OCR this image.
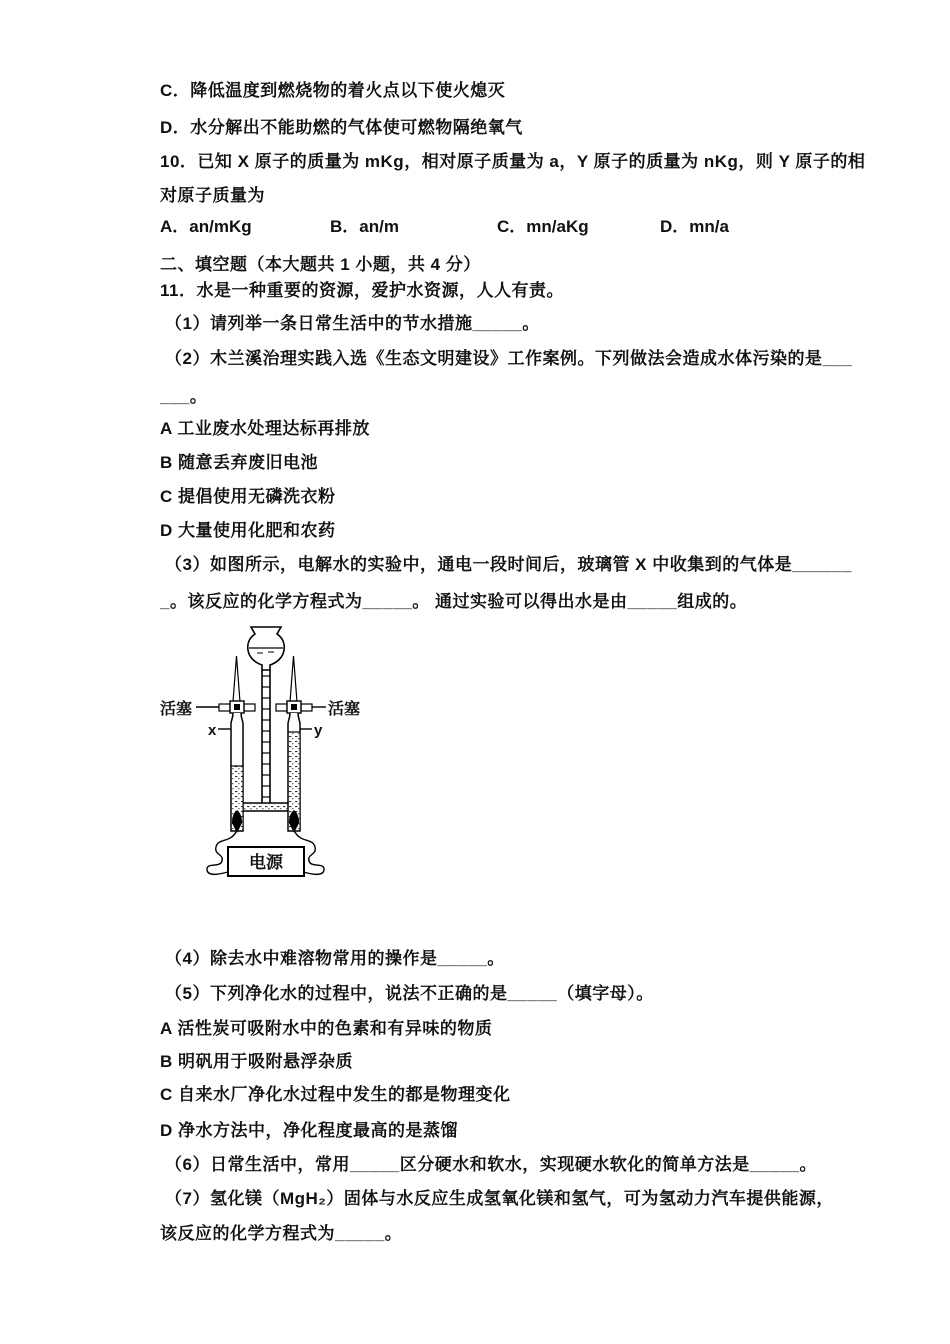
C．降低温度到燃烧物的着火点以下使火熄灭
D．水分解出不能助燃的气体使可燃物隔绝氧气
10．已知 X 原子的质量为 mKg，相对原子质量为 a，Y 原子的质量为 nKg，则 Y 原子的相
对原子质量为
A．an/mKg	B．an/m	C．mn/aKg	D．mn/a
二、填空题（本大题共 1 小题，共 4 分）
11．水是一种重要的资源，爱护水资源，人人有责。
（1）请列举一条日常生活中的节水措施_____。
（2）木兰溪治理实践入选《生态文明建设》工作案例。下列做法会造成水体污染的是___
___。
A 工业废水处理达标再排放
B 随意丢弃废旧电池
C 提倡使用无磷洗衣粉
D 大量使用化肥和农药
（3）如图所示，电解水的实验中，通电一段时间后，玻璃管 X 中收集到的气体是______
_。该反应的化学方程式为_____。 通过实验可以得出水是由_____组成的。
电源
活塞	活塞
x	y
（4）除去水中难溶物常用的操作是_____。
（5）下列净化水的过程中，说法不正确的是_____（填字母）。
A 活性炭可吸附水中的色素和有异味的物质
B 明矾用于吸附悬浮杂质
C 自来水厂净化水过程中发生的都是物理变化
D 净水方法中，净化程度最高的是蒸馏
（6）日常生活中，常用_____区分硬水和软水，实现硬水软化的简单方法是_____。
（7）氢化镁（MgH₂）固体与水反应生成氢氧化镁和氢气，可为氢动力汽车提供能源，
该反应的化学方程式为_____。
